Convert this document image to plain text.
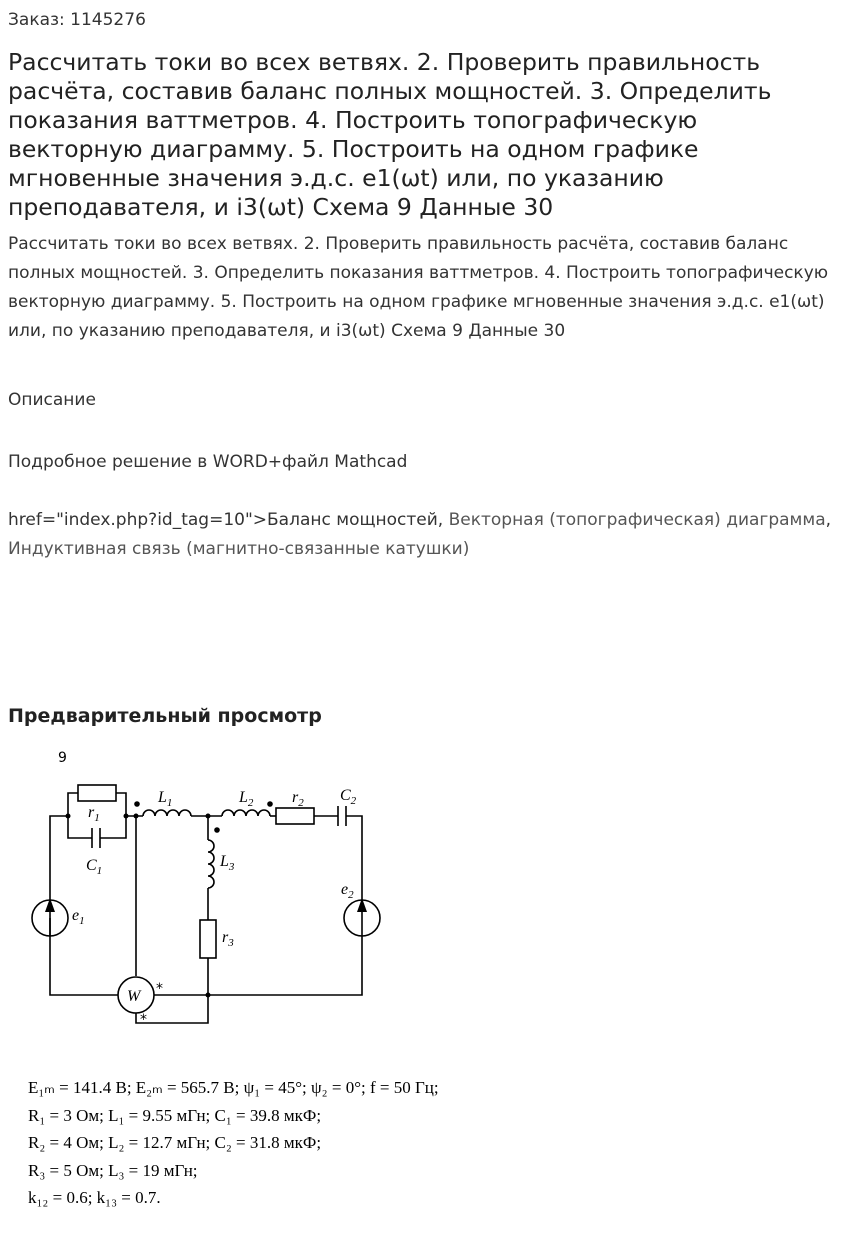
Заказ: 1145276
Рассчитать токи во всех ветвях. 2. Проверить правильность расчёта, составив баланс полных мощностей. 3. Определить показания ваттметров. 4. Построить топографическую векторную диаграмму. 5. Построить на одном графике мгновенные значения э.д.с. e1(ωt) или, по указанию преподавателя, и i3(ωt) Схема 9 Данные 30
Рассчитать токи во всех ветвях. 2. Проверить правильность расчёта, составив баланс полных мощностей. 3. Определить показания ваттметров. 4. Построить топографическую векторную диаграмму. 5. Построить на одном графике мгновенные значения э.д.с. e1(ωt) или, по указанию преподавателя, и i3(ωt) Схема 9 Данные 30
Описание
Подробное решение в WORD+файл Mathcad
href="index.php?id_tag=10">Баланс мощностей, Векторная (топографическая) диаграмма, Индуктивная связь (магнитно-связанные катушки)
Предварительный просмотр
9
$r_1$
$C_1$
$L_1$	$L_2$ $r_2$ $C_2$
$L_3$
$r_3$
$e_1$
$e_2$
W *
*
E₁ₘ = 141.4 В; E₂ₘ = 565.7 В; ψ₁ = 45°; ψ₂ = 0°; f = 50 Гц;
R₁ = 3 Ом; L₁ = 9.55 мГн; C₁ = 39.8 мкФ;
R₂ = 4 Ом; L₂ = 12.7 мГн; C₂ = 31.8 мкФ;
R₃ = 5 Ом; L₃ = 19 мГн;
k₁₂ = 0.6; k₁₃ = 0.7.
